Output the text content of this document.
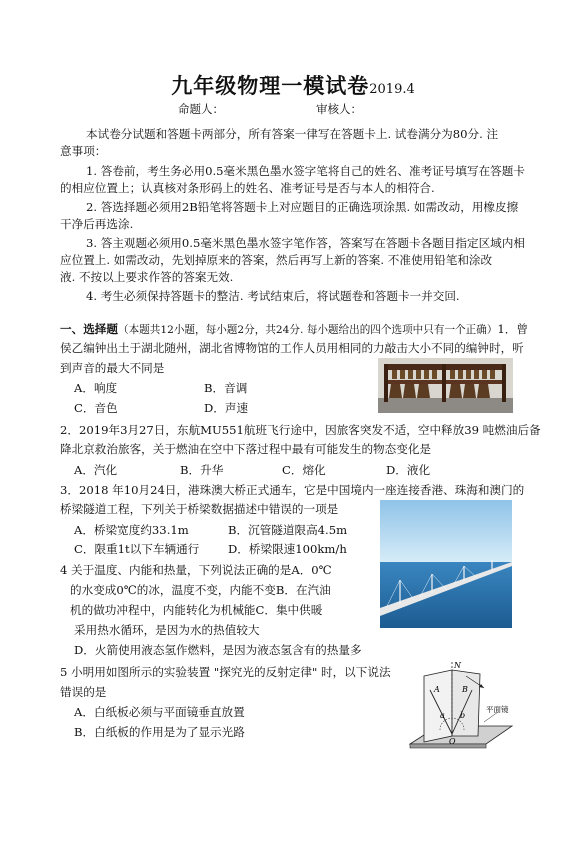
九年级物理一模试卷2019.4
命题人：	审核人：
本试卷分试题和答题卡两部分，所有答案一律写在答题卡上. 试卷满分为80分. 注
意事项：
1. 答卷前，考生务必用0.5毫米黑色墨水签字笔将自己的姓名、准考证号填写在答题卡
的相应位置上；认真核对条形码上的姓名、准考证号是否与本人的相符合.
2. 答选择题必须用2B铅笔将答题卡上对应题目的正确选项涂黑. 如需改动，用橡皮擦
干净后再选涂.
3. 答主观题必须用0.5毫米黑色墨水签字笔作答，答案写在答题卡各题目指定区域内相
应位置上. 如需改动，先划掉原来的答案，然后再写上新的答案. 不准使用铅笔和涂改
液. 不按以上要求作答的答案无效.
4. 考生必须保持答题卡的整洁. 考试结束后，将试题卷和答题卡一并交回.
一、选择题（本题共12小题，每小题2分，共24分. 每小题给出的四个选项中只有一个正确）1．曾
侯乙编钟出土于湖北随州，湖北省博物馆的工作人员用相同的力敲击大小不同的编钟时，听
到声音的最大不同是
A．响度	B．音调
C．音色	D．声速
2．2019年3月27日，东航MU551航班飞行途中，因旅客突发不适，空中释放39 吨燃油后备
降北京救治旅客，关于燃油在空中下落过程中最有可能发生的物态变化是
A．汽化	B．升华	C．熔化	D．液化
3．2018 年10月24日，港珠澳大桥正式通车，它是中国境内一座连接香港、珠海和澳门的
桥梁隧道工程，下列关于桥梁数据描述中错误的一项是
A．桥梁宽度约33.1m	B．沉管隧道限高4.5m
C．限重1t以下车辆通行 D．桥梁限速100km/h
4 关于温度、内能和热量，下列说法正确的是A．0℃
的水变成0℃的冰，温度不变，内能不变B．在汽油
机的做功冲程中，内能转化为机械能C．集中供暖
采用热水循环，是因为水的热值较大
D．火箭使用液态氢作燃料，是因为液态氢含有的热量多
5 小明用如图所示的实验装置 "探究光的反射定律" 时，以下说法
错误的是
A．白纸板必须与平面镜垂直放置
B．白纸板的作用是为了显示光路
N
A	B
a b
O
平面镜
